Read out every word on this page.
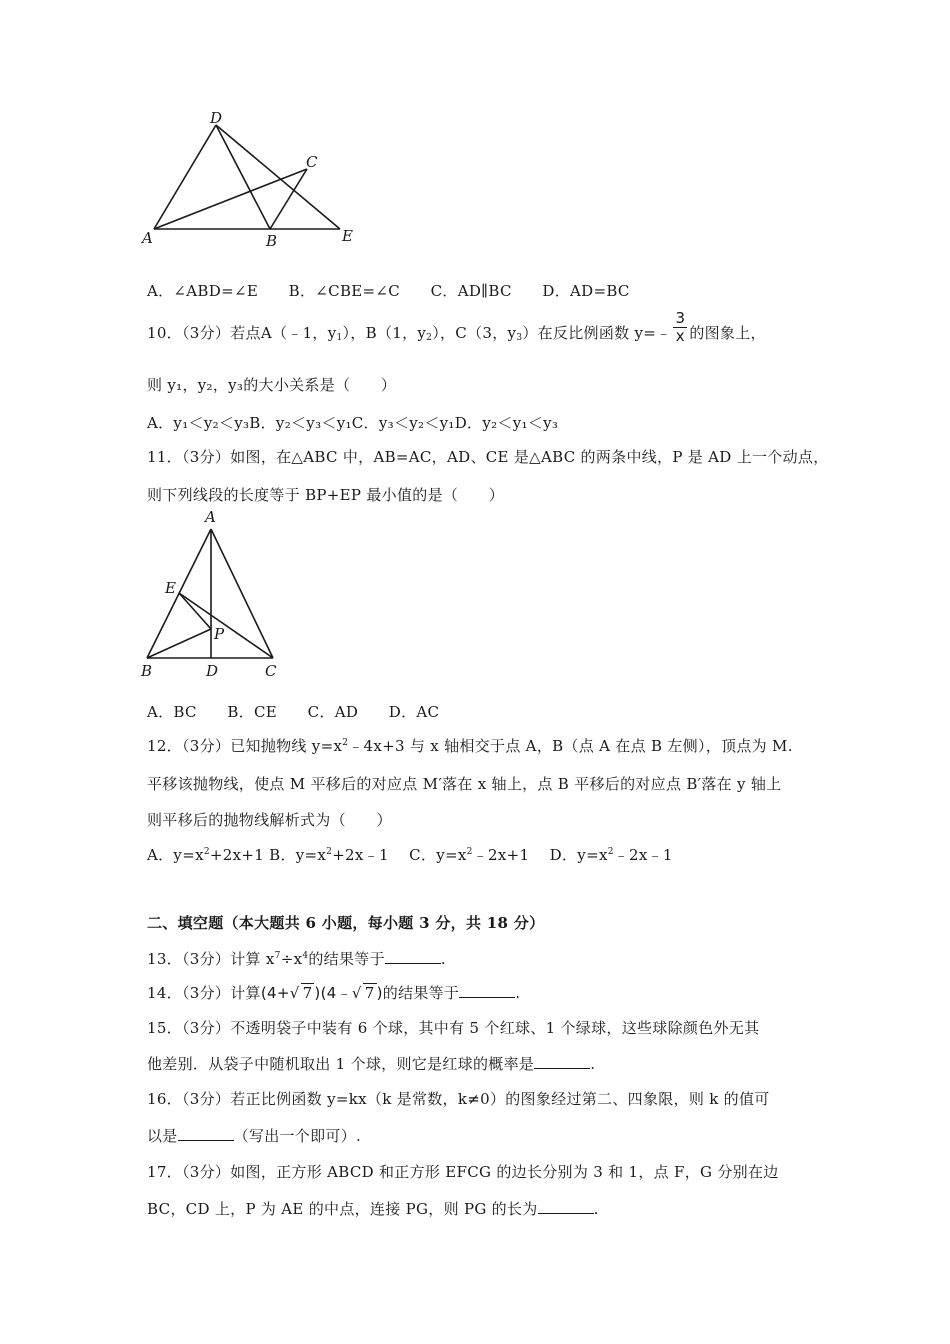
A
D
C
B	E
A．∠ABD=∠E　　B．∠CBE=∠C　　C．AD∥BC　　D．AD=BC
10．（3分）若点A（﹣1，$y_1$），B（1，$y_2$），C（3，$y_3$）在反比例函数 y=﹣ $\frac{3}{x}$ 的图象上，
则 y₁，y₂，y₃的大小关系是（　　）
A．y₁＜y₂＜y₃B．y₂＜y₃＜y₁C．y₃＜y₂＜y₁D．y₂＜y₁＜y₃
11．（3分）如图，在△ABC 中，AB=AC，AD、CE 是△ABC 的两条中线，P 是 AD 上一个动点，
则下列线段的长度等于 BP+EP 最小值的是（　　）
A
E
P
B	D	C
A．BC　　B．CE　　C．AD　　D．AC
12．（3分）已知抛物线 $y=x^2﹣4x+3$ 与 x 轴相交于点 A，B（点 A 在点 B 左侧），顶点为 M.
平移该抛物线，使点 M 平移后的对应点 M′落在 x 轴上，点 B 平移后的对应点 B′落在 y 轴上
则平移后的抛物线解析式为（　　）
A．$y=x^2+2x+1$ B．$y=x^2+2x﹣1$　 C．$y=x^2﹣2x+1$　 D．$y=x^2﹣2x﹣1$
二、填空题（本大题共 6 小题，每小题 3 分，共 18 分）
13．（3分）计算 $x^7\div x^4$的结果等于	.
14．（3分）计算(4+√ 7 )(4﹣√ 7 )的结果等于	.
15．（3分）不透明袋子中装有 6 个球，其中有 5 个红球、1 个绿球，这些球除颜色外无其
他差别．从袋子中随机取出 1 个球，则它是红球的概率是	.
16．（3分）若正比例函数 y=kx（k 是常数，k≠0）的图象经过第二、四象限，则 k 的值可
以是	（写出一个即可）.
17．（3分）如图，正方形 ABCD 和正方形 EFCG 的边长分别为 3 和 1，点 F，G 分别在边
BC，CD 上，P 为 AE 的中点，连接 PG，则 PG 的长为	.
